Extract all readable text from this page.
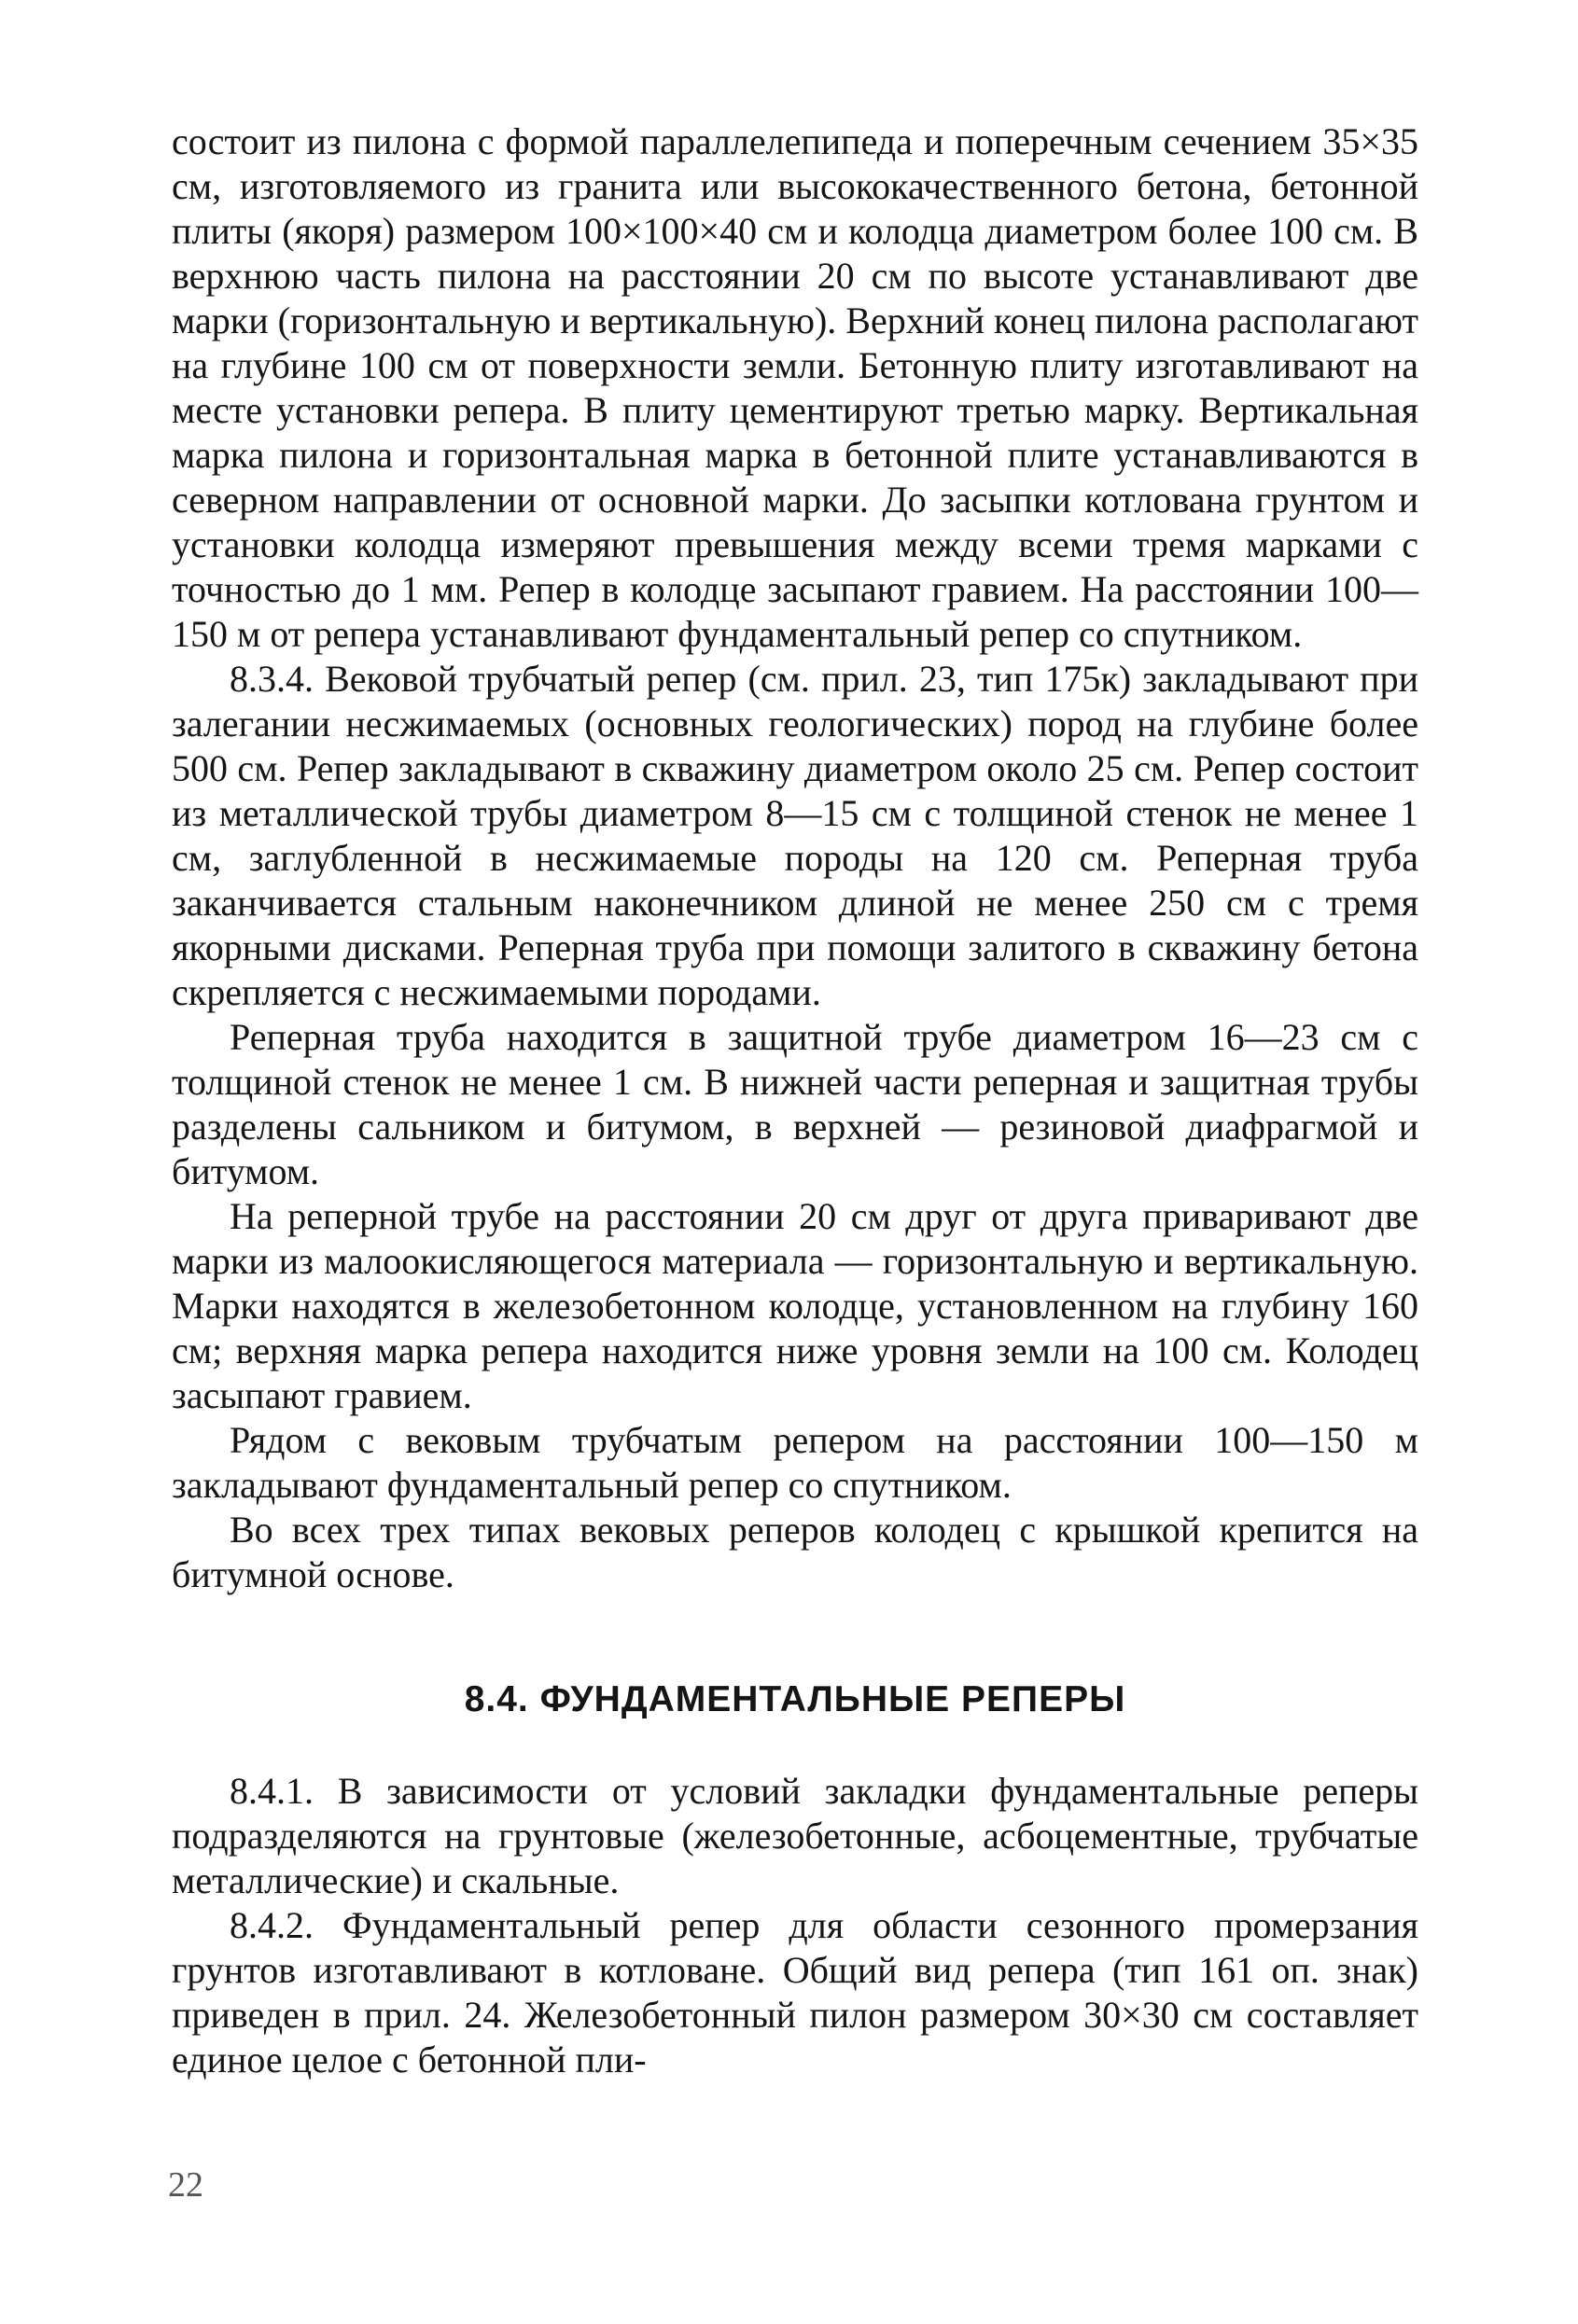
состоит из пилона с формой параллелепипеда и поперечным сечением 35×35 см, изготовляемого из гранита или высококачественного бетона, бетонной плиты (якоря) размером 100×100×40 см и колодца диаметром более 100 см. В верхнюю часть пилона на расстоянии 20 см по высоте устанавливают две марки (горизонтальную и вертикальную). Верхний конец пилона располагают на глубине 100 см от поверхности земли. Бетонную плиту изготавливают на месте установки репера. В плиту цементируют третью марку. Вертикальная марка пилона и горизонтальная марка в бетонной плите устанавливаются в северном направлении от основной марки. До засыпки котлована грунтом и установки колодца измеряют превышения между всеми тремя марками с точностью до 1 мм. Репер в колодце засыпают гравием. На расстоянии 100—150 м от репера устанавливают фундаментальный репер со спутником.

8.3.4. Вековой трубчатый репер (см. прил. 23, тип 175к) закладывают при залегании несжимаемых (основных геологических) пород на глубине более 500 см. Репер закладывают в скважину диаметром около 25 см. Репер состоит из металлической трубы диаметром 8—15 см с толщиной стенок не менее 1 см, заглубленной в несжимаемые породы на 120 см. Реперная труба заканчивается стальным наконечником длиной не менее 250 см с тремя якорными дисками. Реперная труба при помощи залитого в скважину бетона скрепляется с несжимаемыми породами.

Реперная труба находится в защитной трубе диаметром 16—23 см с толщиной стенок не менее 1 см. В нижней части реперная и защитная трубы разделены сальником и битумом, в верхней — резиновой диафрагмой и битумом.

На реперной трубе на расстоянии 20 см друг от друга приваривают две марки из малоокисляющегося материала — горизонтальную и вертикальную. Марки находятся в железобетонном колодце, установленном на глубину 160 см; верхняя марка репера находится ниже уровня земли на 100 см. Колодец засыпают гравием.

Рядом с вековым трубчатым репером на расстоянии 100—150 м закладывают фундаментальный репер со спутником.

Во всех трех типах вековых реперов колодец с крышкой крепится на битумной основе.

8.4. ФУНДАМЕНТАЛЬНЫЕ РЕПЕРЫ

8.4.1. В зависимости от условий закладки фундаментальные реперы подразделяются на грунтовые (железобетонные, асбоцементные, трубчатые металлические) и скальные.

8.4.2. Фундаментальный репер для области сезонного промерзания грунтов изготавливают в котловане. Общий вид репера (тип 161 оп. знак) приведен в прил. 24. Железобетонный пилон размером 30×30 см составляет единое целое с бетонной пли-

22
